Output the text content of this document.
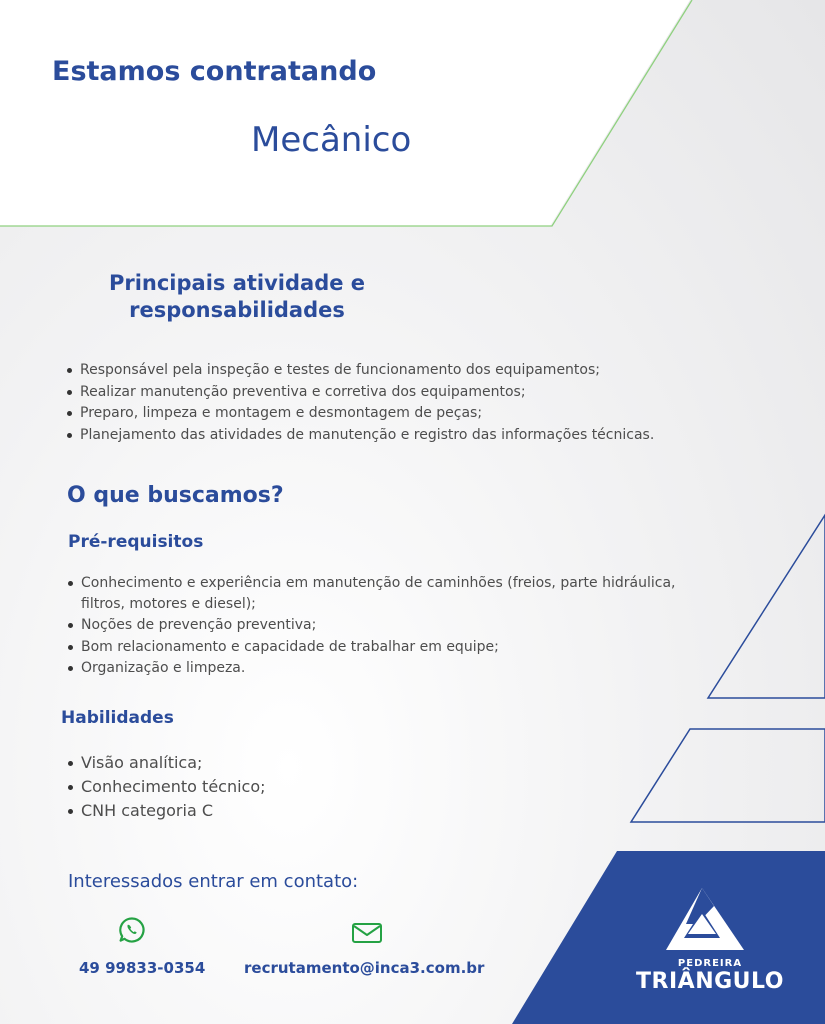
Estamos contratando
Mecânico
Principais atividade e responsabilidades
Responsável pela inspeção e testes de funcionamento dos equipamentos;
Realizar manutenção preventiva e corretiva dos equipamentos;
Preparo, limpeza e montagem e desmontagem de peças;
Planejamento das atividades de manutenção e registro das informações técnicas.
O que buscamos?
Pré-requisitos
Conhecimento e experiência em manutenção de caminhões (freios, parte hidráulica, filtros, motores e diesel);
Noções de prevenção preventiva;
Bom relacionamento e capacidade de trabalhar em equipe;
Organização e limpeza.
Habilidades
Visão analítica;
Conhecimento técnico;
CNH categoria C
Interessados entrar em contato:
49 99833-0354	recrutamento@inca3.com.br	PEDREIRA
TRIÂNGULO
